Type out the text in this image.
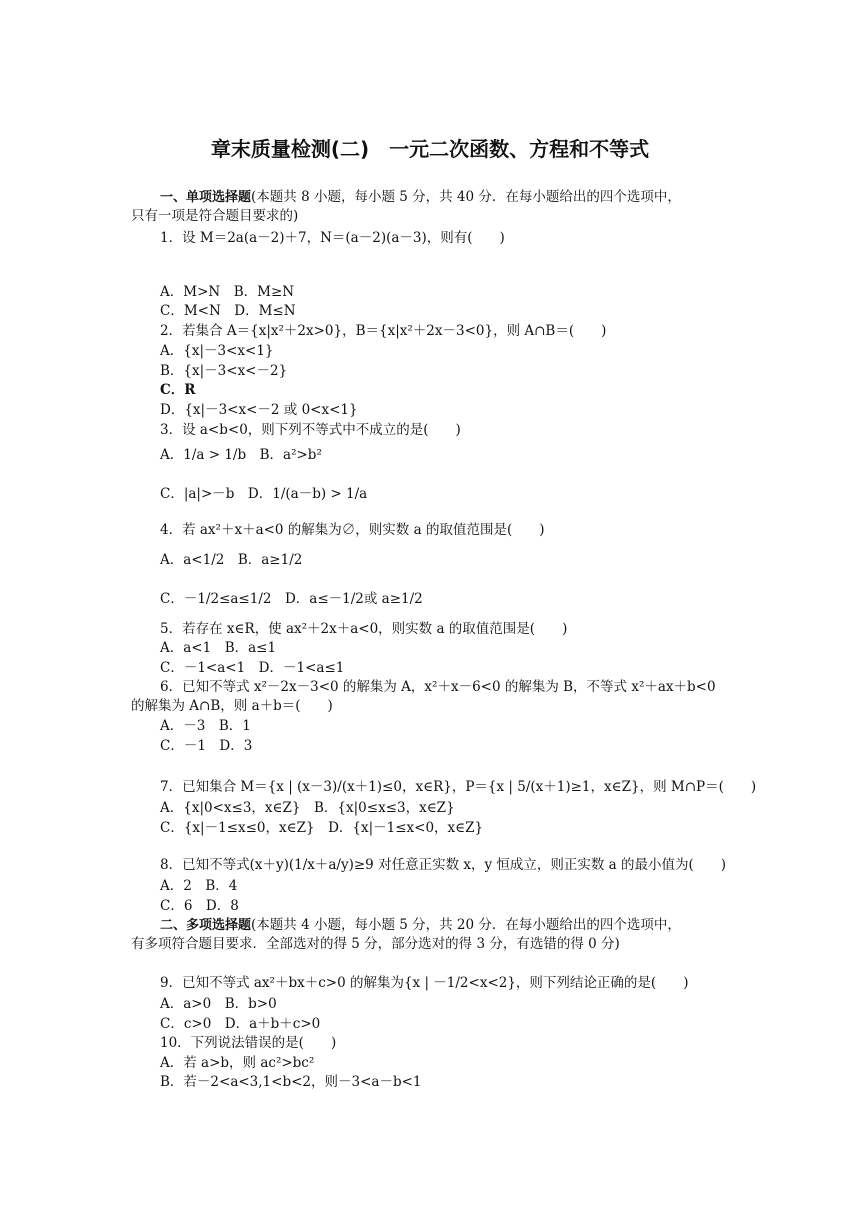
章末质量检测(二)　一元二次函数、方程和不等式
一、单项选择题(本题共 8 小题，每小题 5 分，共 40 分．在每小题给出的四个选项中，
只有一项是符合题目要求的)
1．设 M＝2a(a－2)＋7，N＝(a－2)(a－3)，则有(　　)
A．M>N　B．M≥N
C．M<N　D．M≤N
2．若集合 A＝{x|x²＋2x>0}，B＝{x|x²＋2x－3<0}，则 A∩B＝(　　)
A．{x|－3<x<1}
B．{x|－3<x<－2}
C．R
D．{x|－3<x<－2 或 0<x<1}
3．设 a<b<0，则下列不等式中不成立的是(　　)
A．1/a > 1/b　B．a²>b²
C．|a|>－b　D．1/(a－b) > 1/a
4．若 ax²＋x＋a<0 的解集为∅，则实数 a 的取值范围是(　　)
A．a<1/2　B．a≥1/2
C．－1/2≤a≤1/2　D．a≤－1/2或 a≥1/2
5．若存在 x∈R，使 ax²＋2x＋a<0，则实数 a 的取值范围是(　　)
A．a<1　B．a≤1
C．－1<a<1　D．－1<a≤1
6．已知不等式 x²－2x－3<0 的解集为 A，x²＋x－6<0 的解集为 B，不等式 x²＋ax＋b<0
的解集为 A∩B，则 a＋b＝(　　)
A．－3　B．1
C．－1　D．3
7．已知集合 M＝{x | (x－3)/(x＋1)≤0，x∈R}，P＝{x | 5/(x＋1)≥1，x∈Z}，则 M∩P＝(　　)
A．{x|0<x≤3，x∈Z}　B．{x|0≤x≤3，x∈Z}
C．{x|－1≤x≤0，x∈Z}　D．{x|－1≤x<0，x∈Z}
8．已知不等式(x＋y)(1/x＋a/y)≥9 对任意正实数 x，y 恒成立，则正实数 a 的最小值为(　　)
A．2　B．4
C．6　D．8
二、多项选择题(本题共 4 小题，每小题 5 分，共 20 分．在每小题给出的四个选项中，
有多项符合题目要求．全部选对的得 5 分，部分选对的得 3 分，有选错的得 0 分)
9．已知不等式 ax²＋bx＋c>0 的解集为{x | －1/2<x<2}，则下列结论正确的是(　　)
A．a>0　B．b>0
C．c>0　D．a＋b＋c>0
10．下列说法错误的是(　　)
A．若 a>b，则 ac²>bc²
B．若－2<a<3,1<b<2，则－3<a－b<1
